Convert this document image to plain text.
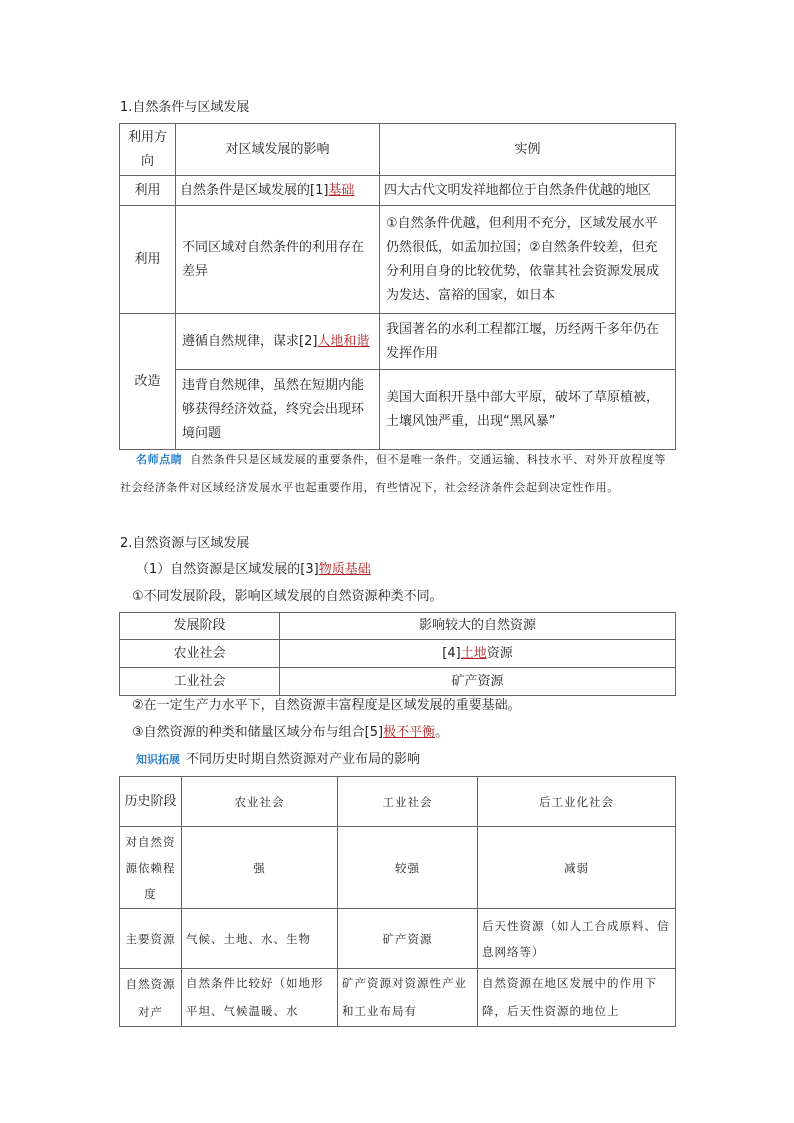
1.自然条件与区域发展
利用方向	对区域发展的影响	实例
利用	自然条件是区域发展的[1]基础	四大古代文明发祥地都位于自然条件优越的地区
利用	不同区域对自然条件的利用存在差异	①自然条件优越，但利用不充分，区域发展水平仍然很低，如孟加拉国；②自然条件较差，但充分利用自身的比较优势，依靠其社会资源发展成为发达、富裕的国家，如日本
改造	遵循自然规律，谋求[2]人地和谐	我国著名的水利工程都江堰，历经两千多年仍在发挥作用
	违背自然规律，虽然在短期内能够获得经济效益，终究会出现环境问题	美国大面积开垦中部大平原，破坏了草原植被，土壤风蚀严重，出现“黑风暴”
名师点睛 自然条件只是区域发展的重要条件，但不是唯一条件。交通运输、科技水平、对外开放程度等社会经济条件对区域经济发展水平也起重要作用，有些情况下，社会经济条件会起到决定性作用。
2.自然资源与区域发展
（1）自然资源是区域发展的[3]物质基础
①不同发展阶段，影响区域发展的自然资源种类不同。
发展阶段	影响较大的自然资源
农业社会	[4]土地资源
工业社会	矿产资源
②在一定生产力水平下，自然资源丰富程度是区域发展的重要基础。
③自然资源的种类和储量区域分布与组合[5]极不平衡。
知识拓展 不同历史时期自然资源对产业布局的影响
历史阶段	农业社会	工业社会	后工业化社会
对自然资源依赖程度	强	较强	减弱
主要资源	气候、土地、水、生物	矿产资源	后天性资源（如人工合成原料、信息网络等）
自然资源对产	自然条件比较好（如地形平坦、气候温暖、水	矿产资源对资源性产业和工业布局有	自然资源在地区发展中的作用下降，后天性资源的地位上
